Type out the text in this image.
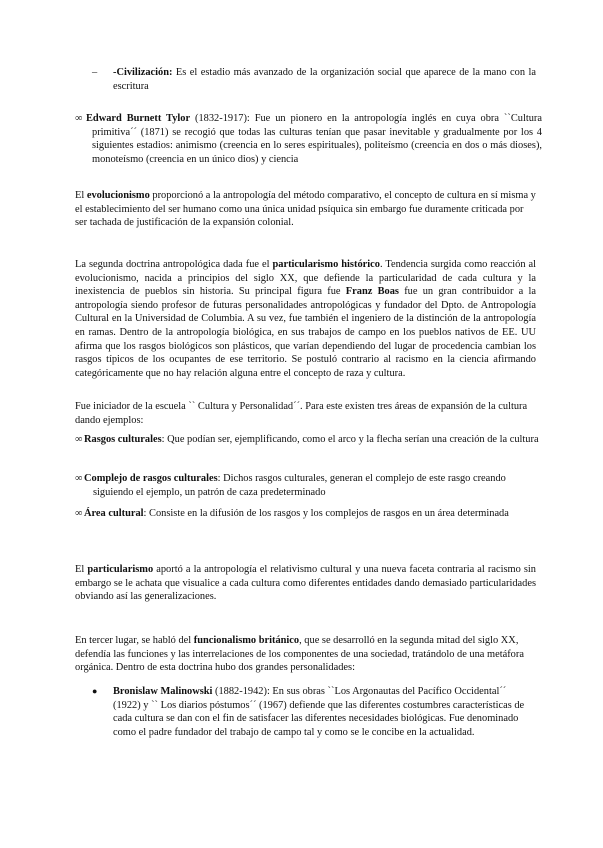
– -Civilización: Es el estadio más avanzado de la organización social que aparece de la mano con la escritura
∞ Edward Burnett Tylor (1832-1917): Fue un pionero en la antropología inglés en cuya obra ``Cultura primitiva´´ (1871) se recogió que todas las culturas tenían que pasar inevitable y gradualmente por los 4 siguientes estadios: animismo (creencia en lo seres espirituales), politeísmo (creencia en dos o más dioses), monoteísmo (creencia en un único dios) y ciencia
El evolucionismo proporcionó a la antropología del método comparativo, el concepto de cultura en sí misma y el establecimiento del ser humano como una única unidad psíquica sin embargo fue duramente criticada por ser tachada de justificación de la expansión colonial.
La segunda doctrina antropológica dada fue el particularismo histórico. Tendencia surgida como reacción al evolucionismo, nacida a principios del siglo XX, que defiende la particularidad de cada cultura y la inexistencia de pueblos sin historia. Su principal figura fue Franz Boas fue un gran contribuidor a la antropología siendo profesor de futuras personalidades antropológicas y fundador del Dpto. de Antropología Cultural en la Universidad de Columbia. A su vez, fue también el ingeniero de la distinción de la antropología en ramas. Dentro de la antropología biológica, en sus trabajos de campo en los pueblos nativos de EE. UU afirma que los rasgos biológicos son plásticos, que varían dependiendo del lugar de procedencia cambian los rasgos típicos de los ocupantes de ese territorio. Se postuló contrario al racismo en la ciencia afirmando categóricamente que no hay relación alguna entre el concepto de raza y cultura.
Fue iniciador de la escuela `` Cultura y Personalidad´´. Para este existen tres áreas de expansión de la cultura dando ejemplos:
∞ Rasgos culturales: Que podían ser, ejemplificando, como el arco y la flecha serían una creación de la cultura
∞ Complejo de rasgos culturales: Dichos rasgos culturales, generan el complejo de este rasgo creando siguiendo el ejemplo, un patrón de caza predeterminado
∞ Área cultural: Consiste en la difusión de los rasgos y los complejos de rasgos en un área determinada
El particularismo aportó a la antropología el relativismo cultural y una nueva faceta contraria al racismo sin embargo se le achata que visualice a cada cultura como diferentes entidades dando demasiado particularidades obviando así las generalizaciones.
En tercer lugar, se habló del funcionalismo británico, que se desarrolló en la segunda mitad del siglo XX, defendía las funciones y las interrelaciones de los componentes de una sociedad, tratándolo de una metáfora orgánica. Dentro de esta doctrina hubo dos grandes personalidades:
● Bronislaw Malinowski (1882-1942): En sus obras ``Los Argonautas del Pacífico Occidental´´ (1922) y `` Los diarios póstumos´´ (1967) defiende que las diferentes costumbres características de cada cultura se dan con el fin de satisfacer las diferentes necesidades biológicas. Fue denominado como el padre fundador del trabajo de campo tal y como se le concibe en la actualidad.
